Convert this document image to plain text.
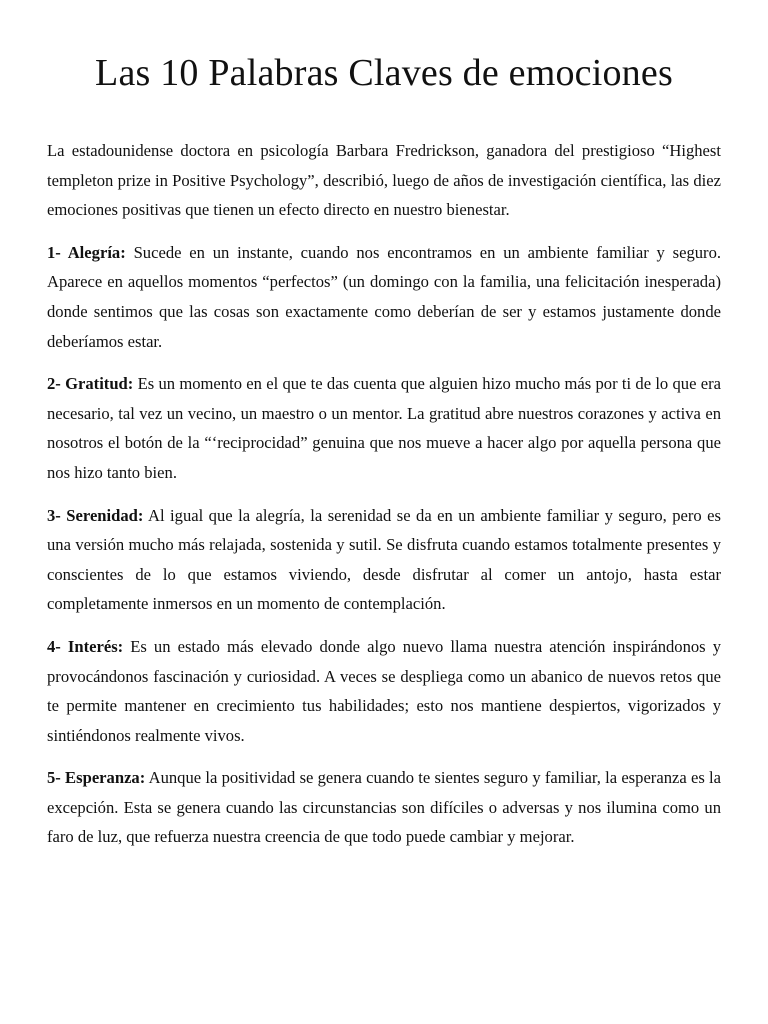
Las 10 Palabras Claves de emociones

La estadounidense doctora en psicología Barbara Fredrickson, ganadora del prestigioso “Highest templeton prize in Positive Psychology”, describió, luego de años de investigación científica, las diez emociones positivas que tienen un efecto directo en nuestro bienestar.

1- Alegría: Sucede en un instante, cuando nos encontramos en un ambiente familiar y seguro. Aparece en aquellos momentos “perfectos” (un domingo con la familia, una felicitación inesperada) donde sentimos que las cosas son exactamente como deberían de ser y estamos justamente donde deberíamos estar.

2- Gratitud: Es un momento en el que te das cuenta que alguien hizo mucho más por ti de lo que era necesario, tal vez un vecino, un maestro o un mentor. La gratitud abre nuestros corazones y activa en nosotros el botón de la “‘reciprocidad” genuina que nos mueve a hacer algo por aquella persona que nos hizo tanto bien.

3- Serenidad: Al igual que la alegría, la serenidad se da en un ambiente familiar y seguro, pero es una versión mucho más relajada, sostenida y sutil. Se disfruta cuando estamos totalmente presentes y conscientes de lo que estamos viviendo, desde disfrutar al comer un antojo, hasta estar completamente inmersos en un momento de contemplación.

4- Interés: Es un estado más elevado donde algo nuevo llama nuestra atención inspirándonos y provocándonos fascinación y curiosidad. A veces se despliega como un abanico de nuevos retos que te permite mantener en crecimiento tus habilidades; esto nos mantiene despiertos, vigorizados y sintiéndonos realmente vivos.

5- Esperanza: Aunque la positividad se genera cuando te sientes seguro y familiar, la esperanza es la excepción. Esta se genera cuando las circunstancias son difíciles o adversas y nos ilumina como un faro de luz, que refuerza nuestra creencia de que todo puede cambiar y mejorar.
